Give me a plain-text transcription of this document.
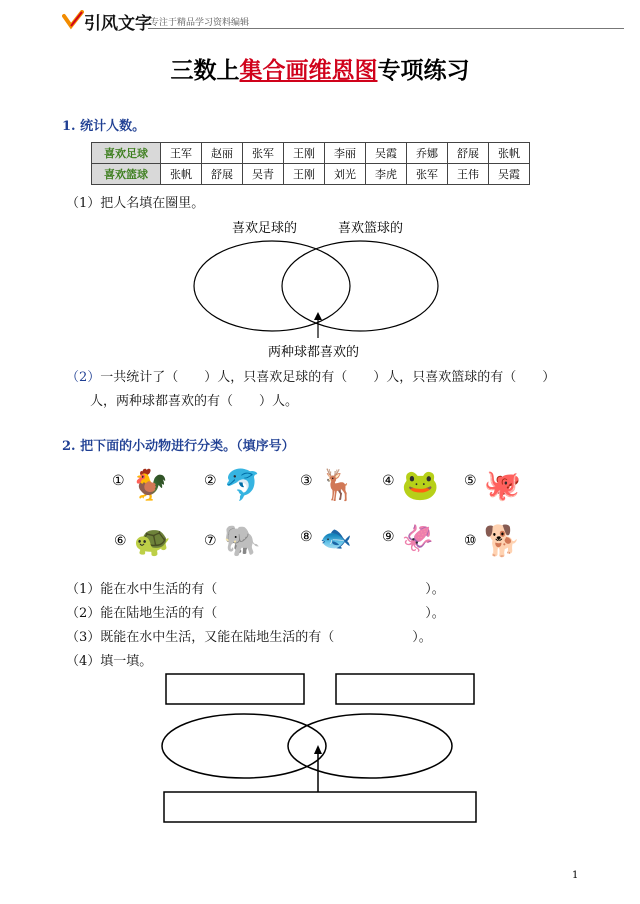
引风文字
专注于精品学习资料编辑
三数上集合画维恩图专项练习
1. 统计人数。
喜欢足球	王军	赵丽	张军	王刚	李丽	吴霞	乔娜	舒展	张帆
喜欢篮球	张帆	舒展	吴青	王刚	刘光	李虎	张军	王伟	吴霞
（1）把人名填在圈里。
喜欢足球的	喜欢篮球的
两种球都喜欢的
（2）一共统计了（　　）人，只喜欢足球的有（　　）人，只喜欢篮球的有（　　）
人，两种球都喜欢的有（　　）人。
2. 把下面的小动物进行分类。（填序号）
① 🐓 ② 🐬	③ 🦌 ④ 🐸 ⑤ 🐙
⑥ 🐢 ⑦ 🐘	⑧ 🐟 ⑨ 🦑 ⑩ 🐕
（1）能在水中生活的有（　　　　　　　　　　　　　　　　）。
（2）能在陆地生活的有（　　　　　　　　　　　　　　　　）。
（3）既能在水中生活，又能在陆地生活的有（　　　　　　）。
（4）填一填。
1
